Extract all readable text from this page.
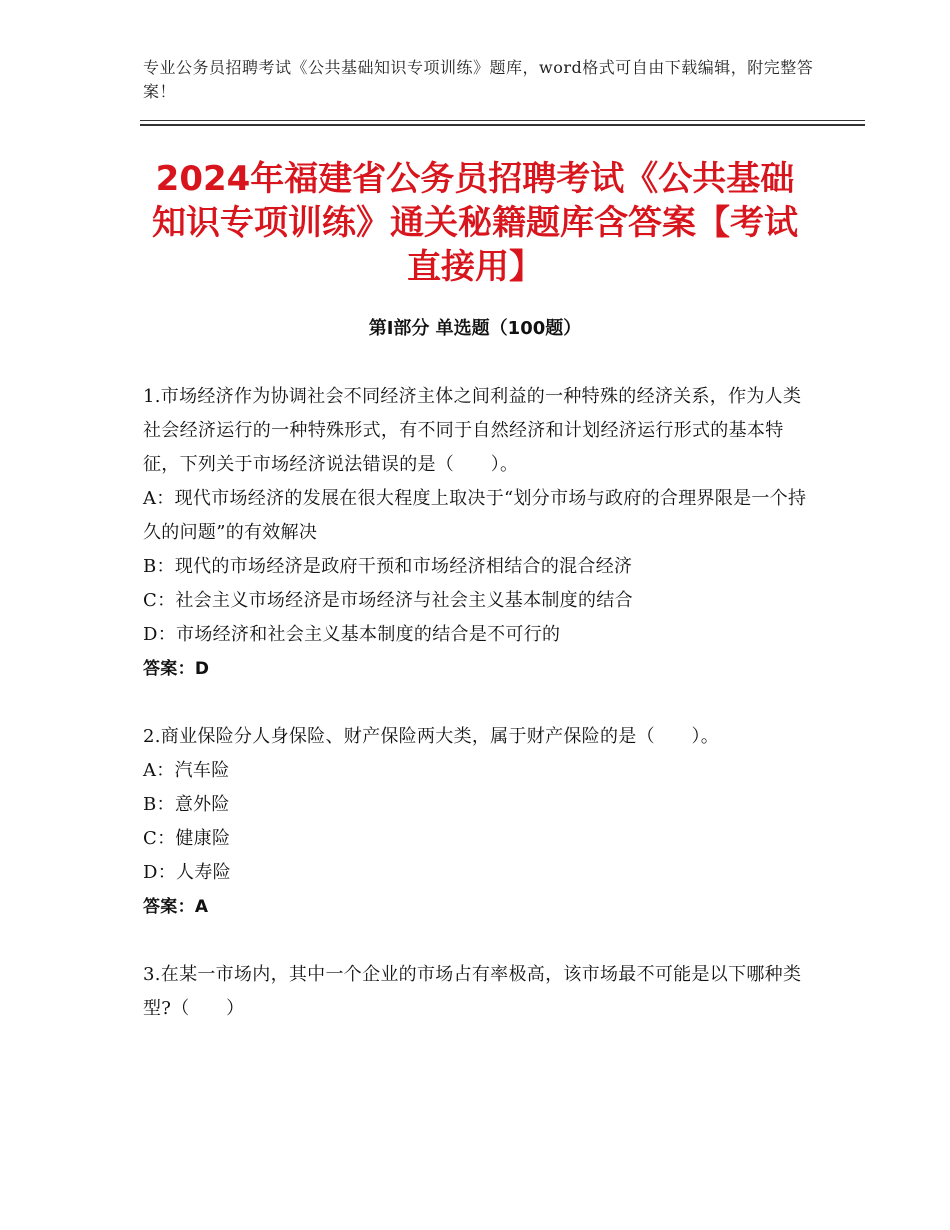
专业公务员招聘考试《公共基础知识专项训练》题库，word格式可自由下载编辑，附完整答案！
2024年福建省公务员招聘考试《公共基础知识专项训练》通关秘籍题库含答案【考试直接用】
第Ⅰ部分 单选题（100题）

1.市场经济作为协调社会不同经济主体之间利益的一种特殊的经济关系，作为人类社会经济运行的一种特殊形式，有不同于自然经济和计划经济运行形式的基本特征，下列关于市场经济说法错误的是（　　）。

A：现代市场经济的发展在很大程度上取决于“划分市场与政府的合理界限是一个持久的问题”的有效解决

B：现代的市场经济是政府干预和市场经济相结合的混合经济

C：社会主义市场经济是市场经济与社会主义基本制度的结合

D：市场经济和社会主义基本制度的结合是不可行的

答案：D

2.商业保险分人身保险、财产保险两大类，属于财产保险的是（　　）。

A：汽车险

B：意外险

C：健康险

D：人寿险

答案：A

3.在某一市场内，其中一个企业的市场占有率极高，该市场最不可能是以下哪种类型?（　　）
